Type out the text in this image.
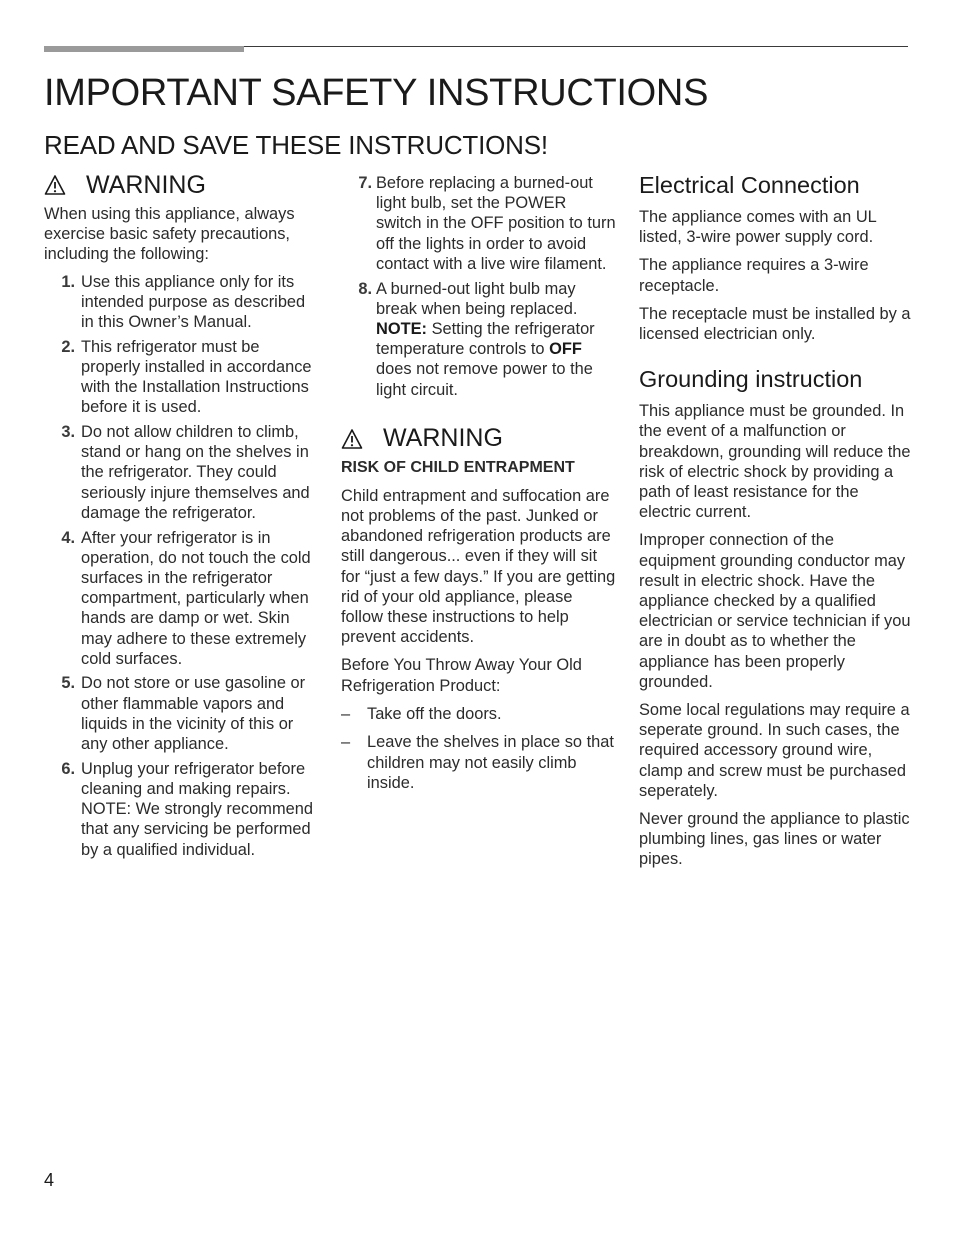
IMPORTANT SAFETY INSTRUCTIONS
READ AND SAVE THESE INSTRUCTIONS!
WARNING

When using this appliance, always exercise basic safety precautions, including the following:

1. Use this appliance only for its intended purpose as described in this Owner’s Manual.
2. This refrigerator must be properly installed in accordance with the Installation Instructions before it is used.
3. Do not allow children to climb, stand or hang on the shelves in the refrigerator. They could seriously injure themselves and damage the refrigerator.
4. After your refrigerator is in operation, do not touch the cold surfaces in the refrigerator compartment, particularly when hands are damp or wet. Skin may adhere to these extremely cold surfaces.
5. Do not store or use gasoline or other flammable vapors and liquids in the vicinity of this or any other appliance.
6. Unplug your refrigerator before cleaning and making repairs. NOTE: We strongly recommend that any servicing be performed by a qualified individual.
7. Before replacing a burned-out light bulb, set the POWER switch in the OFF position to turn off the lights in order to avoid contact with a live wire filament.
8. A burned-out light bulb may break when being replaced. NOTE: Setting the refrigerator temperature controls to OFF does not remove power to the light circuit.
WARNING

RISK OF CHILD ENTRAPMENT

Child entrapment and suffocation are not problems of the past. Junked or abandoned refrigeration products are still dangerous... even if they will sit for “just a few days.” If you are getting rid of your old appliance, please follow these instructions to help prevent accidents.

Before You Throw Away Your Old Refrigeration Product:

–	Take off the doors.
–	Leave the shelves in place so that children may not easily climb inside.
Electrical Connection

The appliance comes with an UL listed, 3-wire power supply cord.

The appliance requires a 3-wire receptacle.

The receptacle must be installed by a licensed electrician only.

Grounding instruction

This appliance must be grounded. In the event of a malfunction or breakdown, grounding will reduce the risk of electric shock by providing a path of least resistance for the electric current.

Improper connection of the equipment grounding conductor may result in electric shock. Have the appliance checked by a qualified electrician or service technician if you are in doubt as to whether the appliance has been properly grounded.

Some local regulations may require a seperate ground. In such cases, the required accessory ground wire, clamp and screw must be purchased seperately.

Never ground the appliance to plastic plumbing lines, gas lines or water pipes.

4
